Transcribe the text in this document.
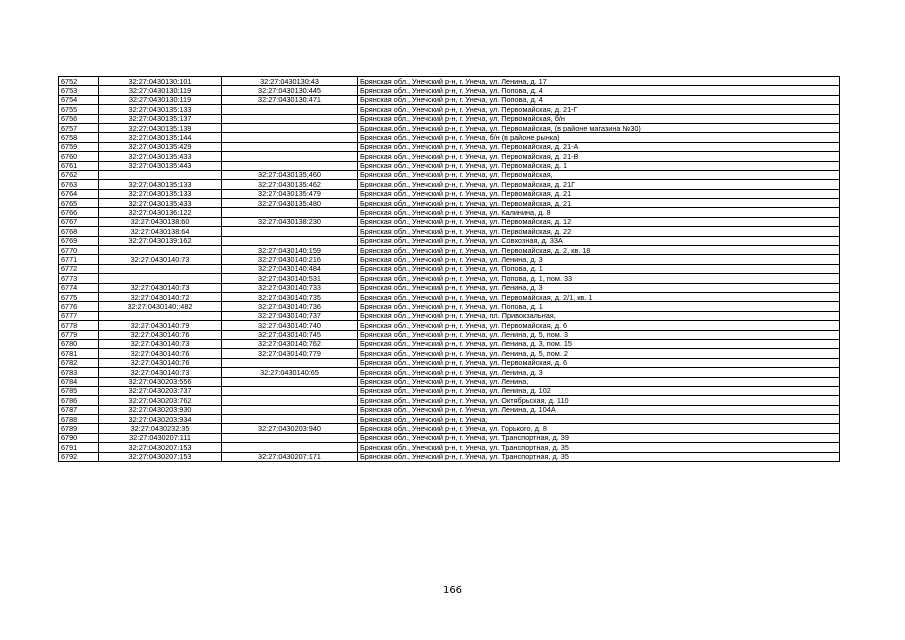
6752	32:27:0430130:101	32:27:0430130:43	Брянская обл., Унечский р-н, г. Унеча, ул. Ленина, д. 17
6753	32:27:0430130:119	32:27:0430130:445	Брянская обл., Унечский р-н, г. Унеча, ул. Попова, д. 4
6754	32:27:0430130:119	32:27:0430130:471	Брянская обл., Унечский р-н, г. Унеча, ул. Попова, д. 4
6755	32:27:0430135:133		Брянская обл., Унечский р-н, г. Унеча, ул. Первомайская, д. 21-Г
6756	32:27:0430135:137		Брянская обл., Унечский р-н, г. Унеча, ул. Первомайская, б/н
6757	32:27:0430135:139		Брянская обл., Унечский р-н, г. Унеча, ул. Первомайская, (в районе магазина №30)
6758	32:27:0430135:144		Брянская обл., Унечский р-н, г. Унеча, б/н (в районе рынка)
6759	32:27:0430135:429		Брянская обл., Унечский р-н, г. Унеча, ул. Первомайская, д. 21-А
6760	32:27:0430135:433		Брянская обл., Унечский р-н, г. Унеча, ул. Первомайская, д. 21-В
6761	32:27:0430135:443		Брянская обл., Унечский р-н, г. Унеча, ул. Первомайская, д. 1
6762		32:27:0430135:460	Брянская обл., Унечский р-н, г. Унеча, ул. Первомайская,
6763	32:27:0430135:133	32:27:0430135:462	Брянская обл., Унечский р-н, г. Унеча, ул. Первомайская, д. 21Г
6764	32:27:0430135:133	32:27:0430135:479	Брянская обл., Унечский р-н, г. Унеча, ул. Первомайская, д. 21
6765	32:27:0430135:433	32:27:0430135:480	Брянская обл., Унечский р-н, г. Унеча, ул. Первомайская, д. 21
6766	32:27:0430136:122		Брянская обл., Унечский р-н, г. Унеча, ул. Калинина, д. 8
6767	32:27:0430138:60	32:27:0430138:230	Брянская обл., Унечский р-н, г. Унеча, ул. Первомайская, д. 12
6768	32:27:0430138:64		Брянская обл., Унечский р-н, г. Унеча, ул. Первомайская, д. 22
6769	32:27:0430139:162		Брянская обл., Унечский р-н, г. Унеча, ул. Совхозная, д. 33А
6770		32:27:0430140:159	Брянская обл., Унечский р-н, г. Унеча, ул. Первомайская, д. 2, кв. 18
6771	32:27:0430140:73	32:27:0430140:216	Брянская обл., Унечский р-н, г. Унеча, ул. Ленина, д. 3
6772		32:27:0430140:484	Брянская обл., Унечский р-н, г. Унеча, ул. Попова, д. 1
6773		32:27:0430140:531	Брянская обл., Унечский р-н, г. Унеча, ул. Попова, д. 1, пом. 33
6774	32:27:0430140:73	32:27:0430140:733	Брянская обл., Унечский р-н, г. Унеча, ул. Ленина, д. 3
6775	32:27:0430140:72	32:27:0430140:735	Брянская обл., Унечский р-н, г. Унеча, ул. Первомайская, д. 2/1, кв. 1
6776	32:27:0430140::482	32:27:0430140:736	Брянская обл., Унечский р-н, г. Унеча, ул. Попова, д. 1
6777		32:27:0430140:737	Брянская обл., Унечский р-н, г. Унеча, пл. Привокзальная,
6778	32:27:0430140:79	32:27:0430140:740	Брянская обл., Унечский р-н, г. Унеча, ул. Первомайская, д. 6
6779	32:27:0430140:76	32:27:0430140:745	Брянская обл., Унечский р-н, г. Унеча, ул. Ленина, д. 5, пом. 3
6780	32:27:0430140:73	32:27:0430140:762	Брянская обл., Унечский р-н, г. Унеча, ул. Ленина, д. 3, пом. 15
6781	32:27:0430140:76	32:27:0430140:779	Брянская обл., Унечский р-н, г. Унеча, ул. Ленина, д. 5, пом. 2
6782	32:27:0430140:76		Брянская обл., Унечский р-н, г. Унеча, ул. Первомайская, д. 6
6783	32:27:0430140:73	32:27:0430140:65	Брянская обл., Унечский р-н, г. Унеча, ул. Ленина, д. 3
6784	32:27:0430203:556		Брянская обл., Унечский р-н, г. Унеча, ул. Ленина,
6785	32:27:0430203:737		Брянская обл., Унечский р-н, г. Унеча, ул. Ленина, д. 102
6786	32:27:0430203:762		Брянская обл., Унечский р-н, г. Унеча, ул. Октябрьская, д. 110
6787	32:27:0430203:930		Брянская обл., Унечский р-н, г. Унеча, ул. Ленина, д. 104А
6788	32:27:0430203:934		Брянская обл., Унечский р-н, г. Унеча,
6789	32:27:0430232:35	32:27:0430203:940	Брянская обл., Унечский р-н, г. Унеча, ул. Горького, д. 8
6790	32:27:0430207:111		Брянская обл., Унечский р-н, г. Унеча, ул. Транспортная, д. 39
6791	32:27:0430207:153		Брянская обл., Унечский р-н, г. Унеча, ул. Транспортная, д. 35
6792	32:27:0430207:153	32:27:0430207:171	Брянская обл., Унечский р-н, г. Унеча, ул. Транспортная, д. 35
166
